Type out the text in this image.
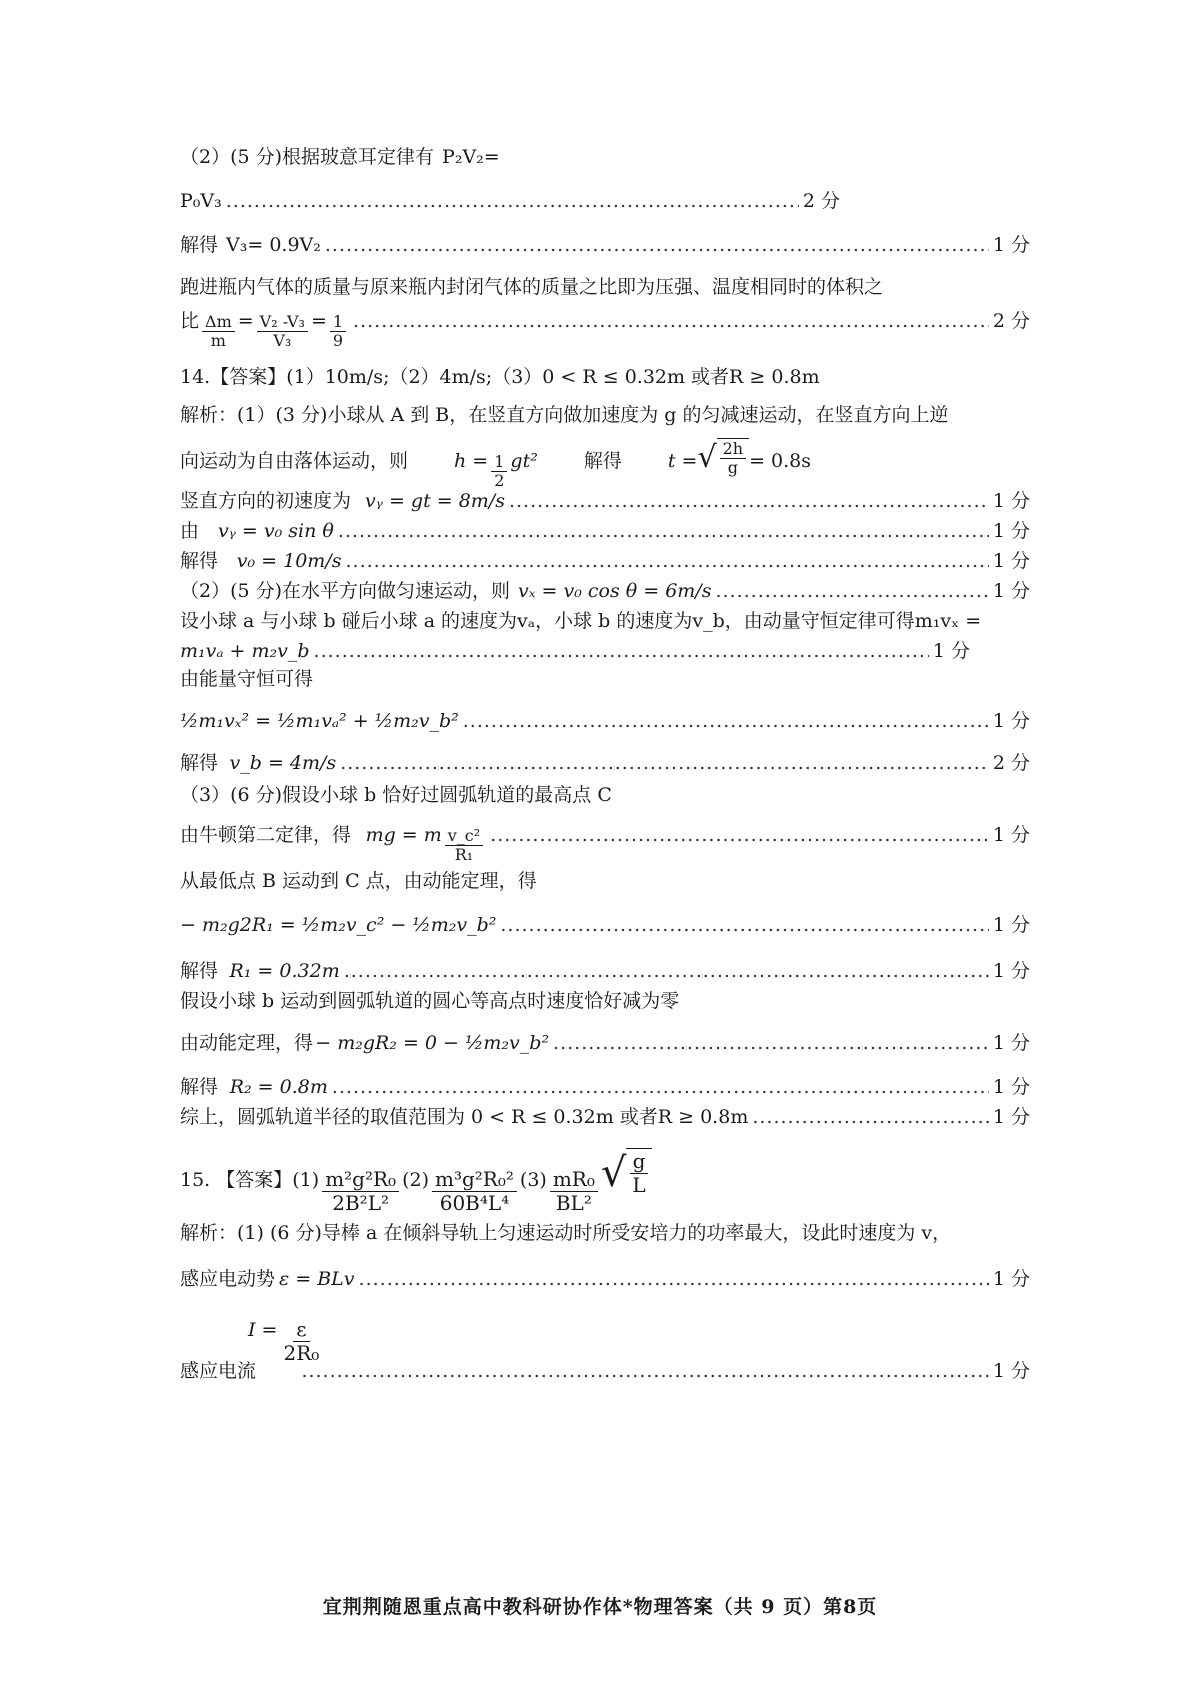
（2）(5 分)根据玻意耳定律有 P₂V₂=
P₀V₃ .....	2 分
解得 V₃= 0.9V₂ .....	1 分
跑进瓶内气体的质量与原来瓶内封闭气体的质量之比即为压强、温度相同时的体积之
比 $\frac{\Delta m}{m} = \frac{\text{V₂ -V₃}}{\text{V₃}} = \frac{1}{9}$ .....	2 分
14.【答案】(1）10m/s;（2）4m/s;（3）0 < R ≤ 0.32m 或者R ≥ 0.8m
解析：(1）(3 分)小球从 A 到 B，在竖直方向做加速度为 g 的匀减速运动，在竖直方向上逆
向运动为自由落体运动，则 $h = \frac{1}{2} gt^2$ 解得 t = √ $\frac{2h}{g} = 0.8s$
竖直方向的初速度为 vᵧ = gt = 8m/s .....	1 分
由 vᵧ = v₀ sin θ .....	1 分
解得 v₀ = 10m/s .....	1 分
（2）(5 分)在水平方向做匀速运动，则 vₓ = v₀ cos θ = 6m/s .....	1 分
设小球 a 与小球 b 碰后小球 a 的速度为vₐ，小球 b 的速度为v_b，由动量守恒定律可得m₁vₓ =
m₁vₐ + m₂v_b .....	1 分
由能量守恒可得
½m₁vₓ² = ½m₁vₐ² + ½m₂v_b² .....	1 分
解得 v_b = 4m/s .....	2 分
（3）(6 分)假设小球 b 恰好过圆弧轨道的最高点 C
由牛顿第二定律，得 mg = m $\frac{\text{v\_c²}}{\text{R₁}}$ .....	1 分
从最低点 B 运动到 C 点，由动能定理，得
− m₂g2R₁ = ½m₂v_c² − ½m₂v_b² .....	1 分
解得 R₁ = 0.32m .....	1 分
假设小球 b 运动到圆弧轨道的圆心等高点时速度恰好减为零
由动能定理，得 − m₂gR₂ = 0 − ½m₂v_b² .....	1 分
解得 R₂ = 0.8m .....	1 分
综上，圆弧轨道半径的取值范围为 0 < R ≤ 0.32m 或者R ≥ 0.8m .....	1 分
15. 【答案】 $(1) \frac{\text{m²g²R₀}}{\text{2B²L²}} (2) \frac{\text{m³g²R₀²}}{\text{60B⁴L⁴}} (3) \frac{\text{mR₀}}{\text{BL²}}$ √ $\frac{g}{L}$
解析：(1) (6 分)导棒 a 在倾斜导轨上匀速运动时所受安培力的功率最大，设此时速度为 v，
感应电动势 ε = BLv .....	1 分
$I = \frac{\varepsilon}{\text{2R₀}}$
感应电流 .....	1 分
宜荆荆随恩重点高中教科研协作体*物理答案（共 9 页）第8页
